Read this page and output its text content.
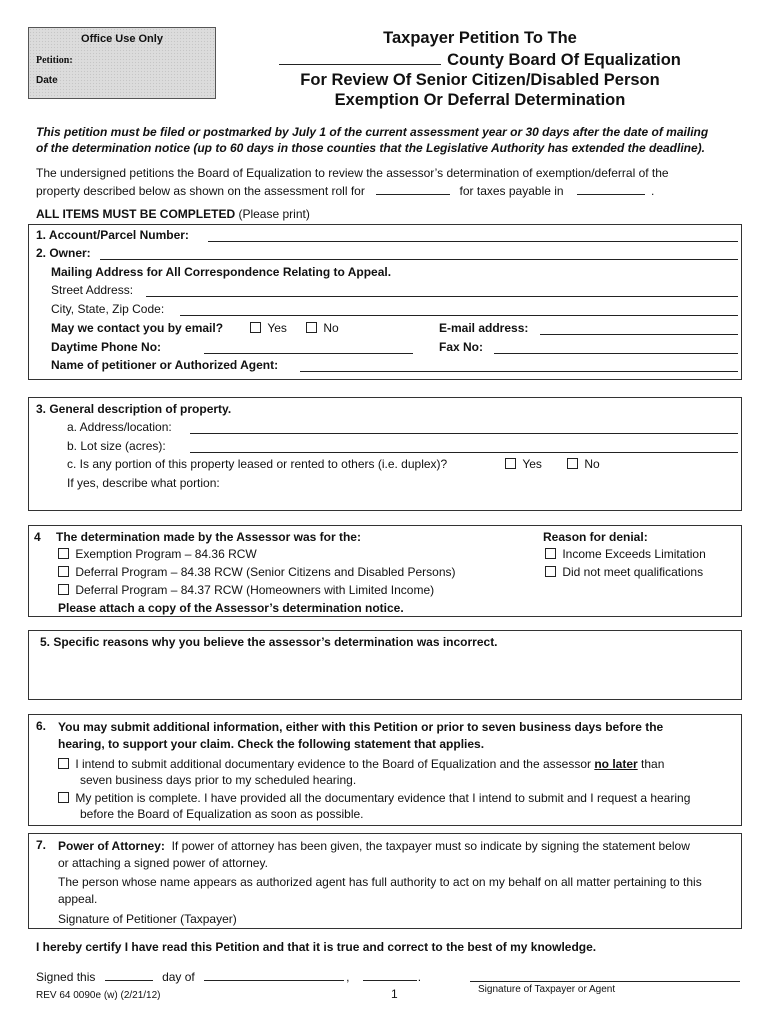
Office Use Only
Petition:
Date
Taxpayer Petition To The
County Board Of Equalization
For Review Of Senior Citizen/Disabled Person
Exemption Or Deferral Determination
This petition must be filed or postmarked by July 1 of the current assessment year or 30 days after the date of mailing
of the determination notice (up to 60 days in those counties that the Legislative Authority has extended the deadline).
The undersigned petitions the Board of Equalization to review the assessor’s determination of exemption/deferral of the
property described below as shown on the assessment roll for	for taxes payable in	.
ALL ITEMS MUST BE COMPLETED (Please print)
1. Account/Parcel Number:
2. Owner:
Mailing Address for All Correspondence Relating to Appeal.
Street Address:
City, State, Zip Code:
May we contact you by email?	Yes	No	E-mail address:
Daytime Phone No:	Fax No:
Name of petitioner or Authorized Agent:
3. General description of property.
a. Address/location:
b. Lot size (acres):
c. Is any portion of this property leased or rented to others (i.e. duplex)?	Yes	No
If yes, describe what portion:
4 The determination made by the Assessor was for the:
Exemption Program – 84.36 RCW
Deferral Program – 84.38 RCW (Senior Citizens and Disabled Persons)
Deferral Program – 84.37 RCW (Homeowners with Limited Income)
Please attach a copy of the Assessor’s determination notice.
Reason for denial:
Income Exceeds Limitation
Did not meet qualifications
5. Specific reasons why you believe the assessor’s determination was incorrect.
6. You may submit additional information, either with this Petition or prior to seven business days before the
hearing, to support your claim. Check the following statement that applies.
I intend to submit additional documentary evidence to the Board of Equalization and the assessor no later than
seven business days prior to my scheduled hearing.
My petition is complete. I have provided all the documentary evidence that I intend to submit and I request a hearing
before the Board of Equalization as soon as possible.
7. Power of Attorney: If power of attorney has been given, the taxpayer must so indicate by signing the statement below
or attaching a signed power of attorney.
The person whose name appears as authorized agent has full authority to act on my behalf on all matter pertaining to this
appeal.
Signature of Petitioner (Taxpayer)
I hereby certify I have read this Petition and that it is true and correct to the best of my knowledge.
Signed this	day of	,	.
REV 64 0090e (w) (2/21/12)	1	Signature of Taxpayer or Agent
